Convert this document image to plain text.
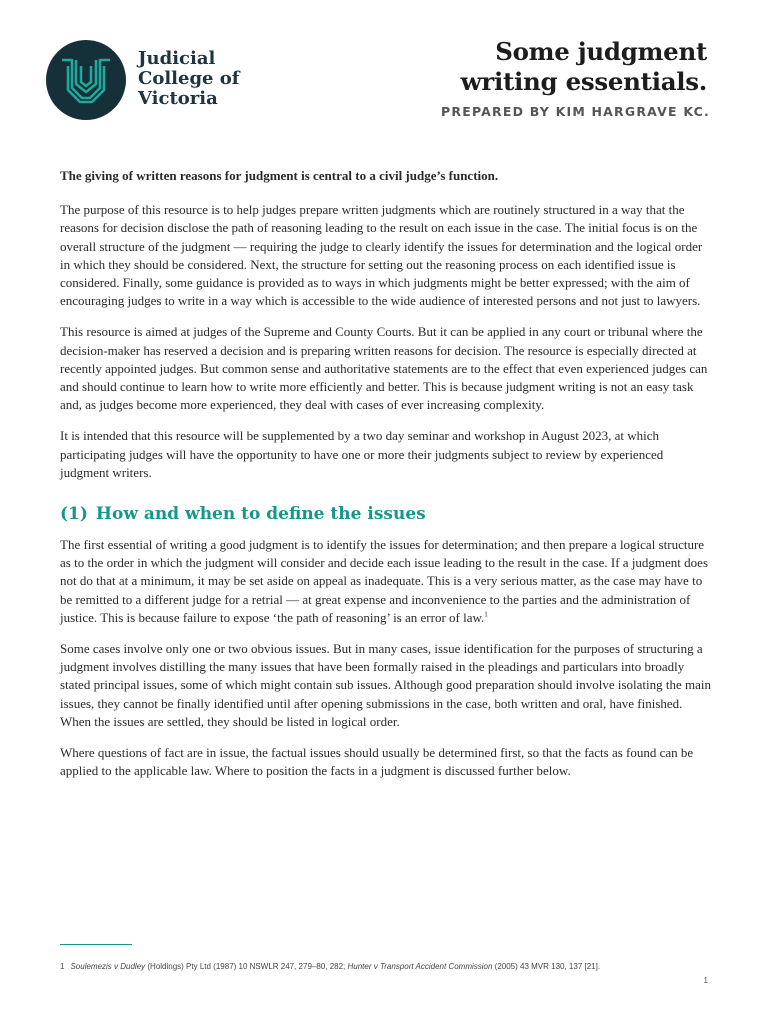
Judicial
College of
Victoria
Some judgment
writing essentials.
PREPARED BY KIM HARGRAVE KC.

The giving of written reasons for judgment is central to a civil judge’s function.

The purpose of this resource is to help judges prepare written judgments which are routinely structured in a way that the reasons for decision disclose the path of reasoning leading to the result on each issue in the case. The initial focus is on the overall structure of the judgment — requiring the judge to clearly identify the issues for determination and the logical order in which they should be considered. Next, the structure for setting out the reasoning process on each identified issue is considered. Finally, some guidance is provided as to ways in which judgments might be better expressed; with the aim of encouraging judges to write in a way which is accessible to the wide audience of interested persons and not just to lawyers.

This resource is aimed at judges of the Supreme and County Courts. But it can be applied in any court or tribunal where the decision-maker has reserved a decision and is preparing written reasons for decision. The resource is especially directed at recently appointed judges. But common sense and authoritative statements are to the effect that even experienced judges can and should continue to learn how to write more efficiently and better. This is because judgment writing is not an easy task and, as judges become more experienced, they deal with cases of ever increasing complexity.

It is intended that this resource will be supplemented by a two day seminar and workshop in August 2023, at which participating judges will have the opportunity to have one or more their judgments subject to review by experienced judgment writers.

(1) How and when to define the issues

The first essential of writing a good judgment is to identify the issues for determination; and then prepare a logical structure as to the order in which the judgment will consider and decide each issue leading to the result in the case. If a judgment does not do that at a minimum, it may be set aside on appeal as inadequate. This is a very serious matter, as the case may have to be remitted to a different judge for a retrial — at great expense and inconvenience to the parties and the administration of justice. This is because failure to expose ‘the path of reasoning’ is an error of law.$^1$

Some cases involve only one or two obvious issues. But in many cases, issue identification for the purposes of structuring a judgment involves distilling the many issues that have been formally raised in the pleadings and particulars into broadly stated principal issues, some of which might contain sub issues. Although good preparation should involve isolating the main issues, they cannot be finally identified until after opening submissions in the case, both written and oral, have finished. When the issues are settled, they should be listed in logical order.

Where questions of fact are in issue, the factual issues should usually be determined first, so that the facts as found can be applied to the applicable law. Where to position the facts in a judgment is discussed further below.

1 Soulemezis v Dudley (Holdings) Pty Ltd (1987) 10 NSWLR 247, 279–80, 282; Hunter v Transport Accident Commission (2005) 43 MVR 130, 137 [21].
1
